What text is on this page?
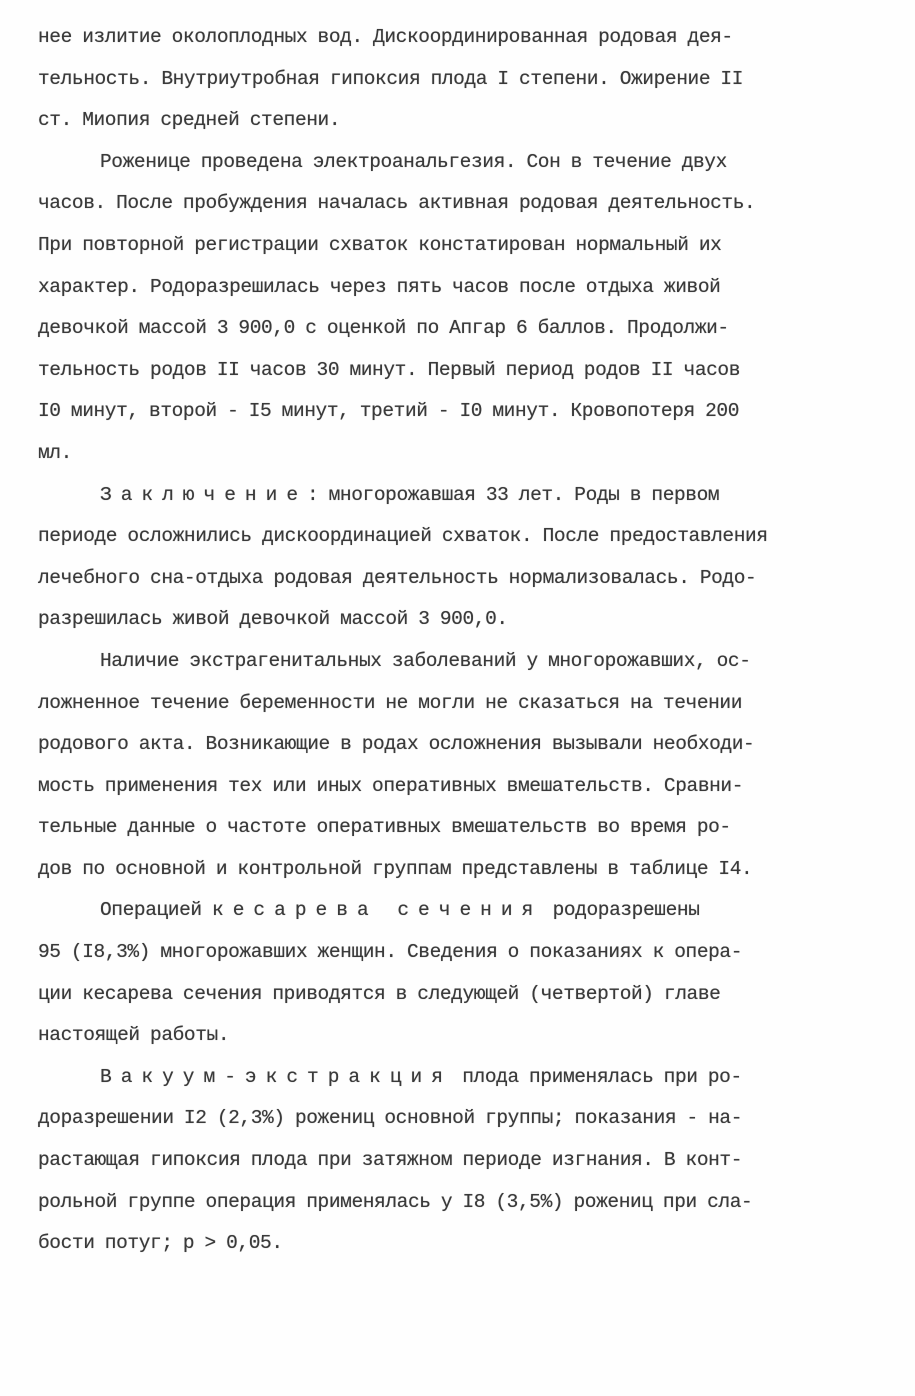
нее излитие околоплодных вод. Дискоординированная родовая дея-
тельность. Внутриутробная гипоксия плода I степени. Ожирение II
ст. Миопия средней степени.
Роженице проведена электроанальгезия. Сон в течение двух
часов. После пробуждения началась активная родовая деятельность.
При повторной регистрации схваток констатирован нормальный их
характер. Родоразрешилась через пять часов после отдыха живой
девочкой массой 3 900,0 с оценкой по Апгар 6 баллов. Продолжи-
тельность родов II часов 30 минут. Первый период родов II часов
I0 минут, второй - I5 минут, третий - I0 минут. Кровопотеря 200
мл.
Заключение: многорожавшая 33 лет. Роды в первом
периоде осложнились дискоординацией схваток. После предоставления
лечебного сна-отдыха родовая деятельность нормализовалась. Родо-
разрешилась живой девочкой массой 3 900,0.
Наличие экстрагенитальных заболеваний у многорожавших, ос-
ложненное течение беременности не могли не сказаться на течении
родового акта. Возникающие в родах осложнения вызывали необходи-
мость применения тех или иных оперативных вмешательств. Сравни-
тельные данные о частоте оперативных вмешательств во время ро-
дов по основной и контрольной группам представлены в таблице I4.
Операцией кесарева сечения родоразрешены
95 (I8,3%) многорожавших женщин. Сведения о показаниях к опера-
ции кесарева сечения приводятся в следующей (четвертой) главе
настоящей работы.
Вакуум-экстракция плода применялась при ро-
доразрешении I2 (2,3%) рожениц основной группы; показания - на-
растающая гипоксия плода при затяжном периоде изгнания. В конт-
рольной группе операция применялась у I8 (3,5%) рожениц при сла-
бости потуг; p > 0,05.
